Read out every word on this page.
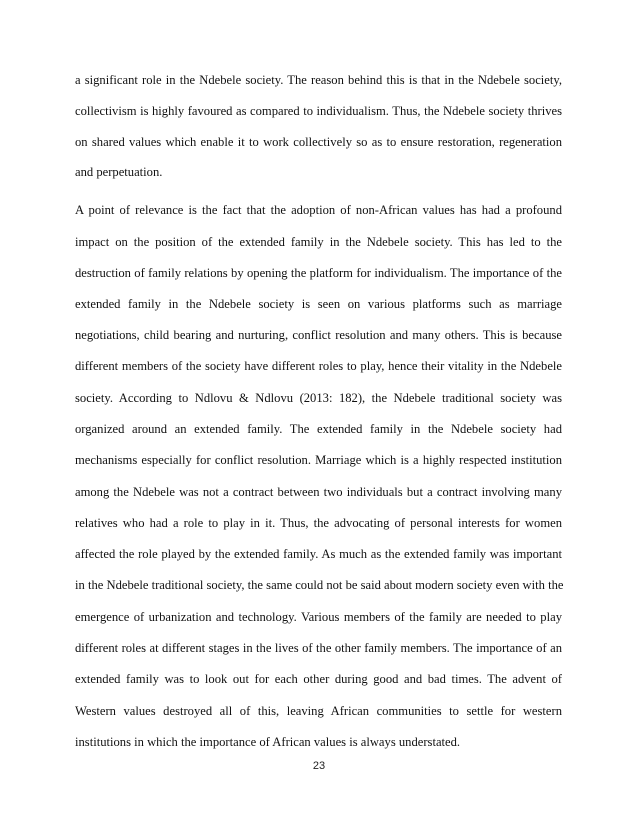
a significant role in the Ndebele society. The reason behind this is that in the Ndebele society,
collectivism is highly favoured as compared to individualism. Thus, the Ndebele society thrives
on shared values which enable it to work collectively so as to ensure restoration, regeneration
and perpetuation.
A point of relevance is the fact that the adoption of non-African values has had a profound
impact on the position of the extended family in the Ndebele society. This has led to the
destruction of family relations by opening the platform for individualism. The importance of the
extended family in the Ndebele society is seen on various platforms such as marriage
negotiations, child bearing and nurturing, conflict resolution and many others. This is because
different members of the society have different roles to play, hence their vitality in the Ndebele
society. According to Ndlovu & Ndlovu (2013: 182), the Ndebele traditional society was
organized around an extended family. The extended family in the Ndebele society had
mechanisms especially for conflict resolution. Marriage which is a highly respected institution
among the Ndebele was not a contract between two individuals but a contract involving many
relatives who had a role to play in it. Thus, the advocating of personal interests for women
affected the role played by the extended family. As much as the extended family was important
in the Ndebele traditional society, the same could not be said about modern society even with the
emergence of urbanization and technology. Various members of the family are needed to play
different roles at different stages in the lives of the other family members. The importance of an
extended family was to look out for each other during good and bad times. The advent of
Western values destroyed all of this, leaving African communities to settle for western
institutions in which the importance of African values is always understated.
23
